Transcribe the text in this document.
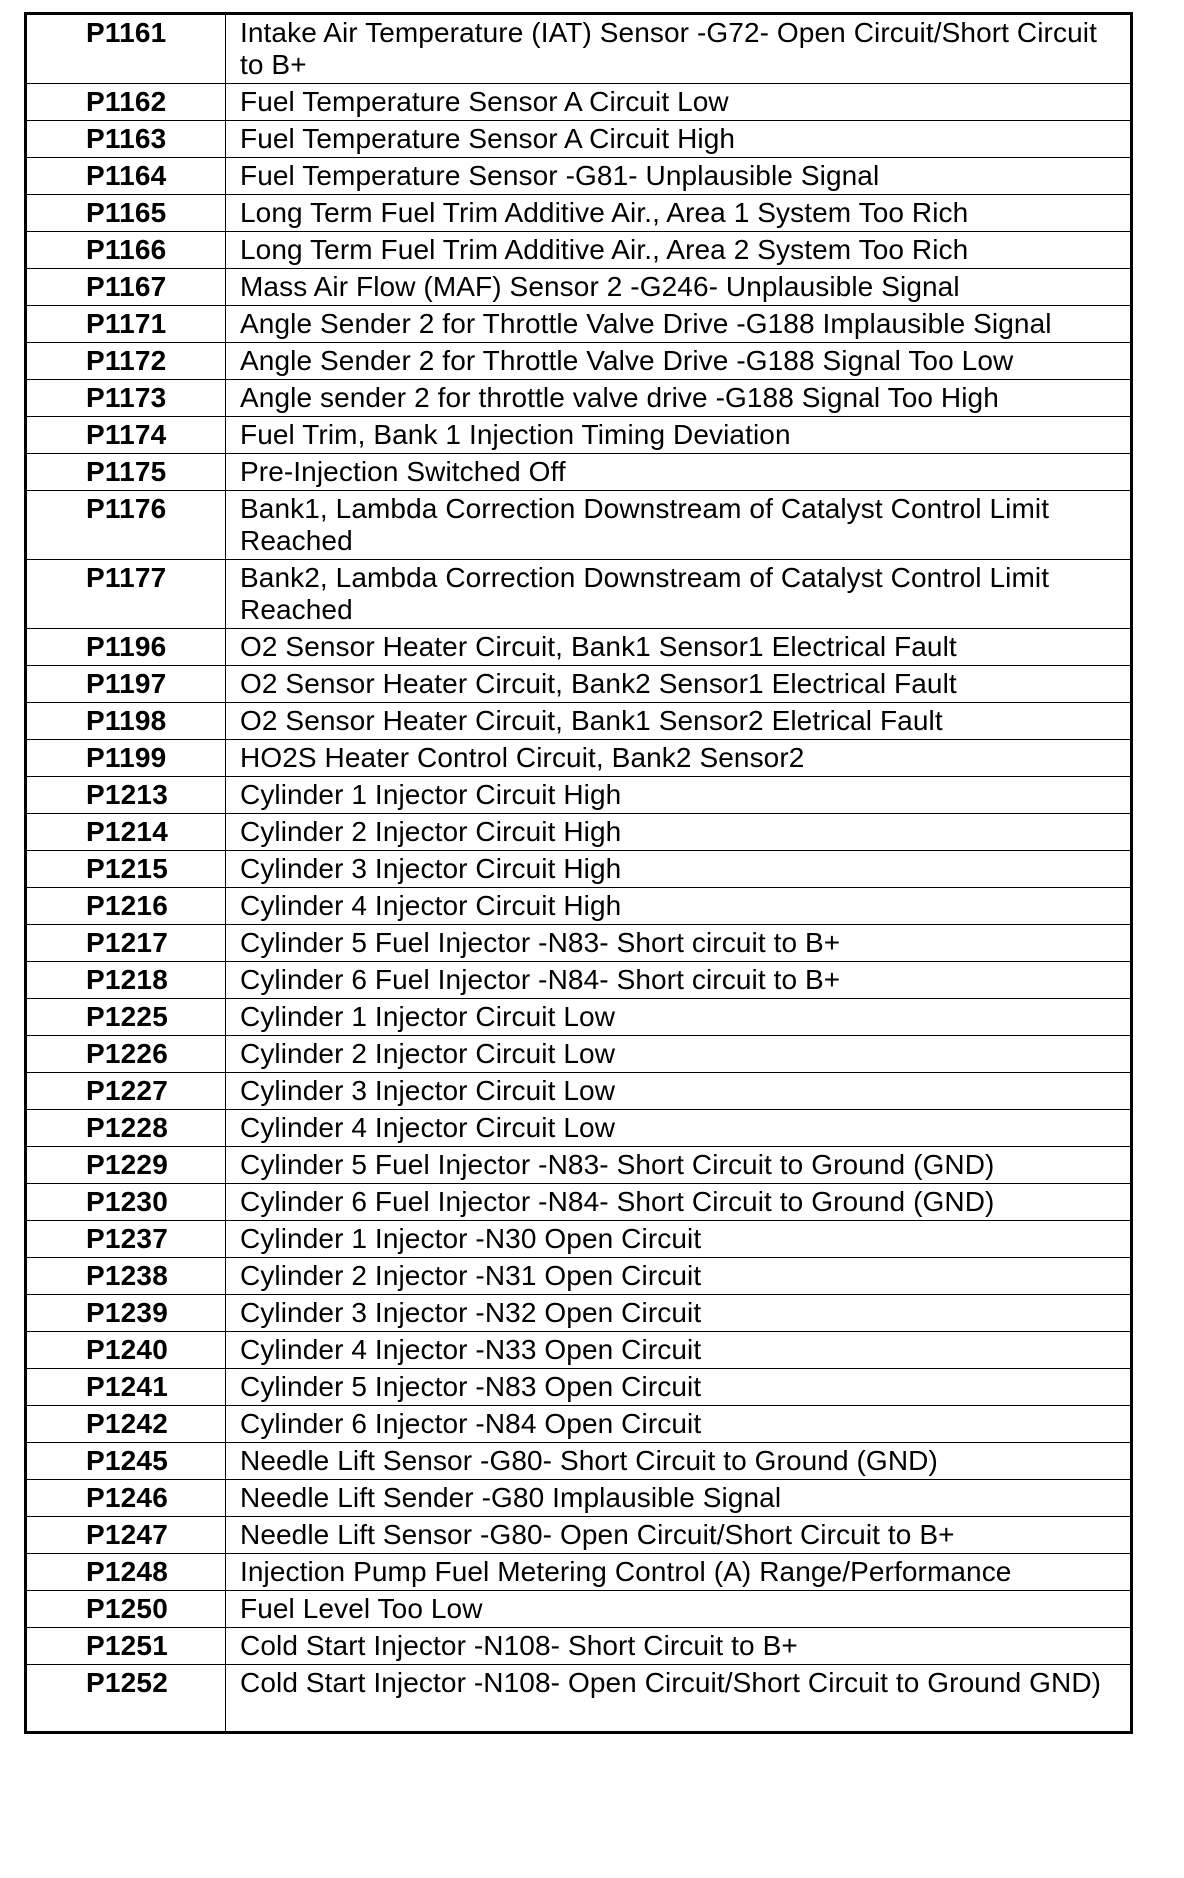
P1161	Intake Air Temperature (IAT) Sensor -G72- Open Circuit/Short Circuit to B+
P1162	Fuel Temperature Sensor A Circuit Low
P1163	Fuel Temperature Sensor A Circuit High
P1164	Fuel Temperature Sensor -G81- Unplausible Signal
P1165	Long Term Fuel Trim Additive Air., Area 1 System Too Rich
P1166	Long Term Fuel Trim Additive Air., Area 2 System Too Rich
P1167	Mass Air Flow (MAF) Sensor 2 -G246- Unplausible Signal
P1171	Angle Sender 2 for Throttle Valve Drive -G188 Implausible Signal
P1172	Angle Sender 2 for Throttle Valve Drive -G188 Signal Too Low
P1173	Angle sender 2 for throttle valve drive -G188 Signal Too High
P1174	Fuel Trim, Bank 1 Injection Timing Deviation
P1175	Pre-Injection Switched Off
P1176	Bank1, Lambda Correction Downstream of Catalyst Control Limit Reached
P1177	Bank2, Lambda Correction Downstream of Catalyst Control Limit Reached
P1196	O2 Sensor Heater Circuit, Bank1 Sensor1 Electrical Fault
P1197	O2 Sensor Heater Circuit, Bank2 Sensor1 Electrical Fault
P1198	O2 Sensor Heater Circuit, Bank1 Sensor2 Eletrical Fault
P1199	HO2S Heater Control Circuit, Bank2 Sensor2
P1213	Cylinder 1 Injector Circuit High
P1214	Cylinder 2 Injector Circuit High
P1215	Cylinder 3 Injector Circuit High
P1216	Cylinder 4 Injector Circuit High
P1217	Cylinder 5 Fuel Injector -N83- Short circuit to B+
P1218	Cylinder 6 Fuel Injector -N84- Short circuit to B+
P1225	Cylinder 1 Injector Circuit Low
P1226	Cylinder 2 Injector Circuit Low
P1227	Cylinder 3 Injector Circuit Low
P1228	Cylinder 4 Injector Circuit Low
P1229	Cylinder 5 Fuel Injector -N83- Short Circuit to Ground (GND)
P1230	Cylinder 6 Fuel Injector -N84- Short Circuit to Ground (GND)
P1237	Cylinder 1 Injector -N30 Open Circuit
P1238	Cylinder 2 Injector -N31 Open Circuit
P1239	Cylinder 3 Injector -N32 Open Circuit
P1240	Cylinder 4 Injector -N33 Open Circuit
P1241	Cylinder 5 Injector -N83 Open Circuit
P1242	Cylinder 6 Injector -N84 Open Circuit
P1245	Needle Lift Sensor -G80- Short Circuit to Ground (GND)
P1246	Needle Lift Sender -G80 Implausible Signal
P1247	Needle Lift Sensor -G80- Open Circuit/Short Circuit to B+
P1248	Injection Pump Fuel Metering Control (A) Range/Performance
P1250	Fuel Level Too Low
P1251	Cold Start Injector -N108- Short Circuit to B+
P1252	Cold Start Injector -N108- Open Circuit/Short Circuit to Ground GND)
